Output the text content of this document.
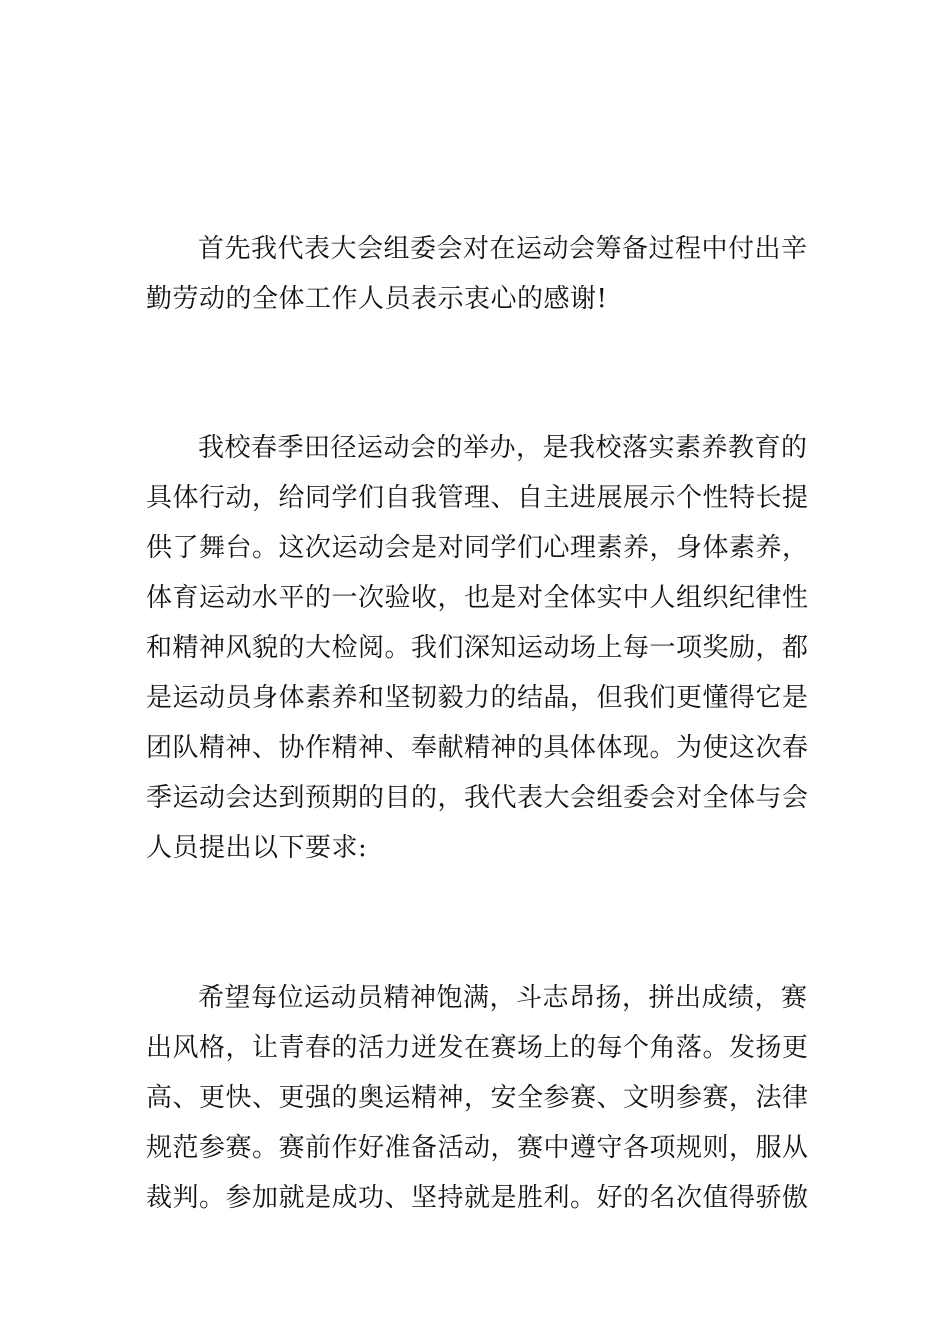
首先我代表大会组委会对在运动会筹备过程中付出辛
勤劳动的全体工作人员表示衷心的感谢!
我校春季田径运动会的举办，是我校落实素养教育的
具体行动，给同学们自我管理、自主进展展示个性特长提
供了舞台。这次运动会是对同学们心理素养，身体素养，
体育运动水平的一次验收，也是对全体实中人组织纪律性
和精神风貌的大检阅。我们深知运动场上每一项奖励，都
是运动员身体素养和坚韧毅力的结晶，但我们更懂得它是
团队精神、协作精神、奉献精神的具体体现。为使这次春
季运动会达到预期的目的，我代表大会组委会对全体与会
人员提出以下要求:
希望每位运动员精神饱满，斗志昂扬，拼出成绩，赛
出风格，让青春的活力迸发在赛场上的每个角落。发扬更
高、更快、更强的奥运精神，安全参赛、文明参赛，法律
规范参赛。赛前作好准备活动，赛中遵守各项规则，服从
裁判。参加就是成功、坚持就是胜利。好的名次值得骄傲
